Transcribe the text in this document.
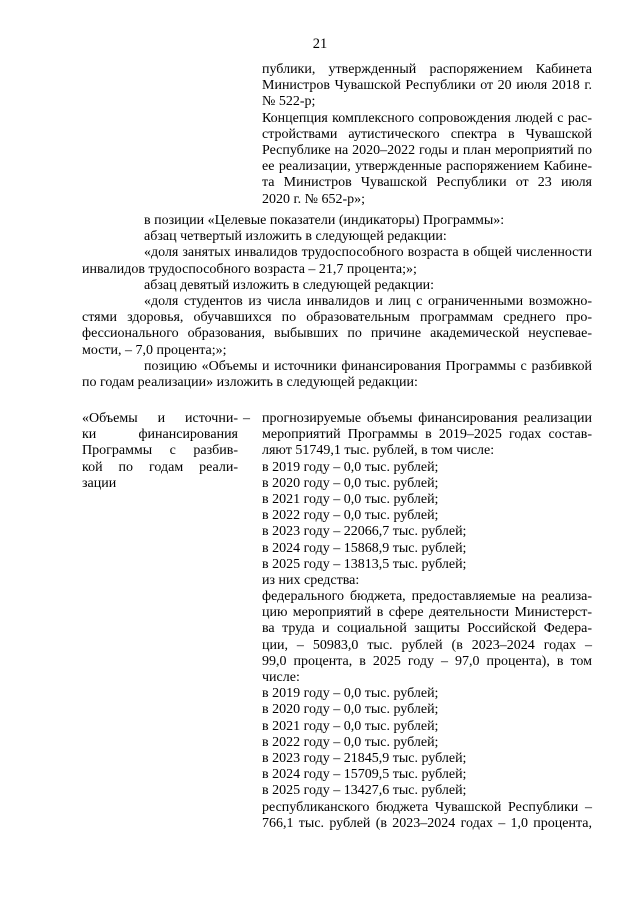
21
публики, утвержденный распоряжением Кабинета
Министров Чувашской Республики от 20 июля 2018 г.
№ 522-р;
Концепция комплексного сопровождения людей с рас-
стройствами аутистического спектра в Чувашской
Республике на 2020–2022 годы и план мероприятий по
ее реализации, утвержденные распоряжением Кабине-
та Министров Чувашской Республики от 23 июля
2020 г. № 652-р»;
в позиции «Целевые показатели (индикаторы) Программы»:
абзац четвертый изложить в следующей редакции:
«доля занятых инвалидов трудоспособного возраста в общей численности
инвалидов трудоспособного возраста – 21,7 процента;»;
абзац девятый изложить в следующей редакции:
«доля студентов из числа инвалидов и лиц с ограниченными возможно-
стями здоровья, обучавшихся по образовательным программам среднего про-
фессионального образования, выбывших по причине академической неуспевае-
мости, – 7,0 процента;»;
позицию «Объемы и источники финансирования Программы с разбивкой
по годам реализации» изложить в следующей редакции:
«Объемы и источни-
ки финансирования
Программы с разбив-
кой по годам реали-
зации
– прогнозируемые объемы финансирования реализации
мероприятий Программы в 2019–2025 годах состав-
ляют 51749,1 тыс. рублей, в том числе:
в 2019 году – 0,0 тыс. рублей;
в 2020 году – 0,0 тыс. рублей;
в 2021 году – 0,0 тыс. рублей;
в 2022 году – 0,0 тыс. рублей;
в 2023 году – 22066,7 тыс. рублей;
в 2024 году – 15868,9 тыс. рублей;
в 2025 году – 13813,5 тыс. рублей;
из них средства:
федерального бюджета, предоставляемые на реализа-
цию мероприятий в сфере деятельности Министерст-
ва труда и социальной защиты Российской Федера-
ции, – 50983,0 тыс. рублей (в 2023–2024 годах –
99,0 процента, в 2025 году – 97,0 процента), в том
числе:
в 2019 году – 0,0 тыс. рублей;
в 2020 году – 0,0 тыс. рублей;
в 2021 году – 0,0 тыс. рублей;
в 2022 году – 0,0 тыс. рублей;
в 2023 году – 21845,9 тыс. рублей;
в 2024 году – 15709,5 тыс. рублей;
в 2025 году – 13427,6 тыс. рублей;
республиканского бюджета Чувашской Республики –
766,1 тыс. рублей (в 2023–2024 годах – 1,0 процента,
